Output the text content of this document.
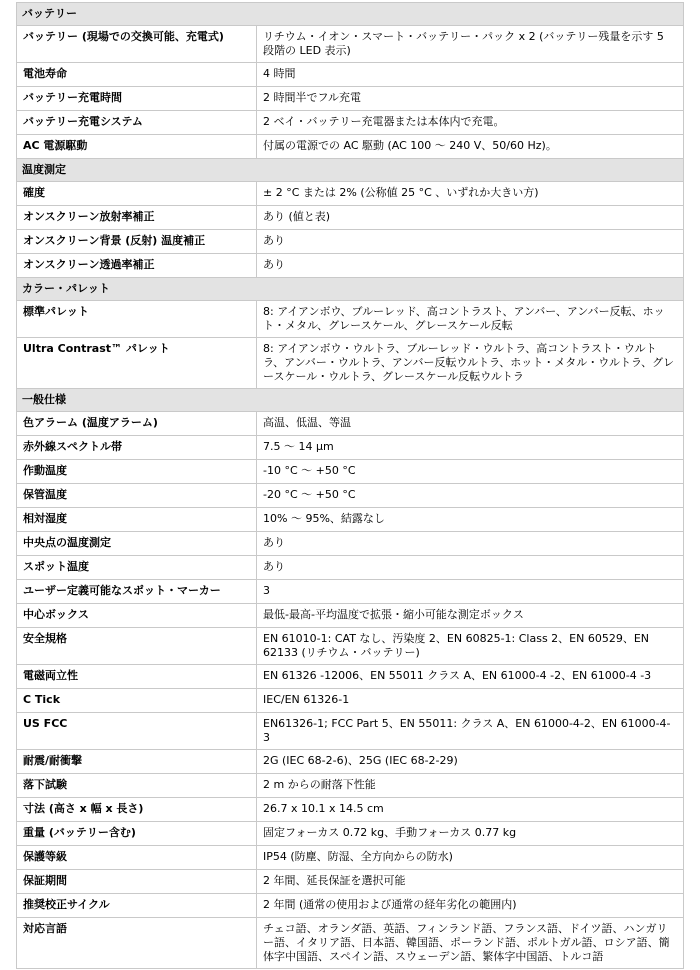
バッテリー	
バッテリー (現場での交換可能、充電式)	リチウム・イオン・スマート・バッテリー・パック x 2 (バッテリー残量を示す 5 段階の LED 表示)
電池寿命	4 時間
バッテリー充電時間	2 時間半でフル充電
バッテリー充電システム	2 ベイ・バッテリー充電器または本体内で充電。
AC 電源駆動	付属の電源での AC 駆動 (AC 100 ～ 240 V、50/60 Hz)。
温度測定	
確度	± 2 °C または 2% (公称値 25 °C 、いずれか大きい方)
オンスクリーン放射率補正	あり (値と表)
オンスクリーン背景 (反射) 温度補正	あり
オンスクリーン透過率補正	あり
カラー・パレット	
標準パレット	8: アイアンボウ、ブルーレッド、高コントラスト、アンバー、アンバー反転、ホット・メタル、グレースケール、グレースケール反転
Ultra Contrast™ パレット	8: アイアンボウ・ウルトラ、ブルーレッド・ウルトラ、高コントラスト・ウルトラ、アンバー・ウルトラ、アンバー反転ウルトラ、ホット・メタル・ウルトラ、グレースケール・ウルトラ、グレースケール反転ウルトラ
一般仕様	
色アラーム (温度アラーム)	高温、低温、等温
赤外線スペクトル帯	7.5 ～ 14 μm
作動温度	-10 °C ～ +50 °C
保管温度	-20 °C ～ +50 °C
相対湿度	10% ～ 95%、結露なし
中央点の温度測定	あり
スポット温度	あり
ユーザー定義可能なスポット・マーカー	3
中心ボックス	最低-最高-平均温度で拡張・縮小可能な測定ボックス
安全規格	EN 61010-1: CAT なし、汚染度 2、EN 60825-1: Class 2、EN 60529、EN 62133 (リチウム・バッテリー)
電磁両立性	EN 61326 -12006、EN 55011 クラス A、EN 61000-4 -2、EN 61000-4 -3
C Tick	IEC/EN 61326-1
US FCC	EN61326-1; FCC Part 5、EN 55011: クラス A、EN 61000-4-2、EN 61000-4-3
耐震/耐衝撃	2G (IEC 68-2-6)、25G (IEC 68-2-29)
落下試験	2 m からの耐落下性能
寸法 (高さ x 幅 x 長さ)	26.7 x 10.1 x 14.5 cm
重量 (バッテリー含む)	固定フォーカス 0.72 kg、手動フォーカス 0.77 kg
保護等級	IP54 (防塵、防湿、全方向からの防水)
保証期間	2 年間、延長保証を選択可能
推奨校正サイクル	2 年間 (通常の使用および通常の経年劣化の範囲内)
対応言語	チェコ語、オランダ語、英語、フィンランド語、フランス語、ドイツ語、ハンガリー語、イタリア語、日本語、韓国語、ポーランド語、ポルトガル語、ロシア語、簡体字中国語、スペイン語、スウェーデン語、繁体字中国語、トルコ語
